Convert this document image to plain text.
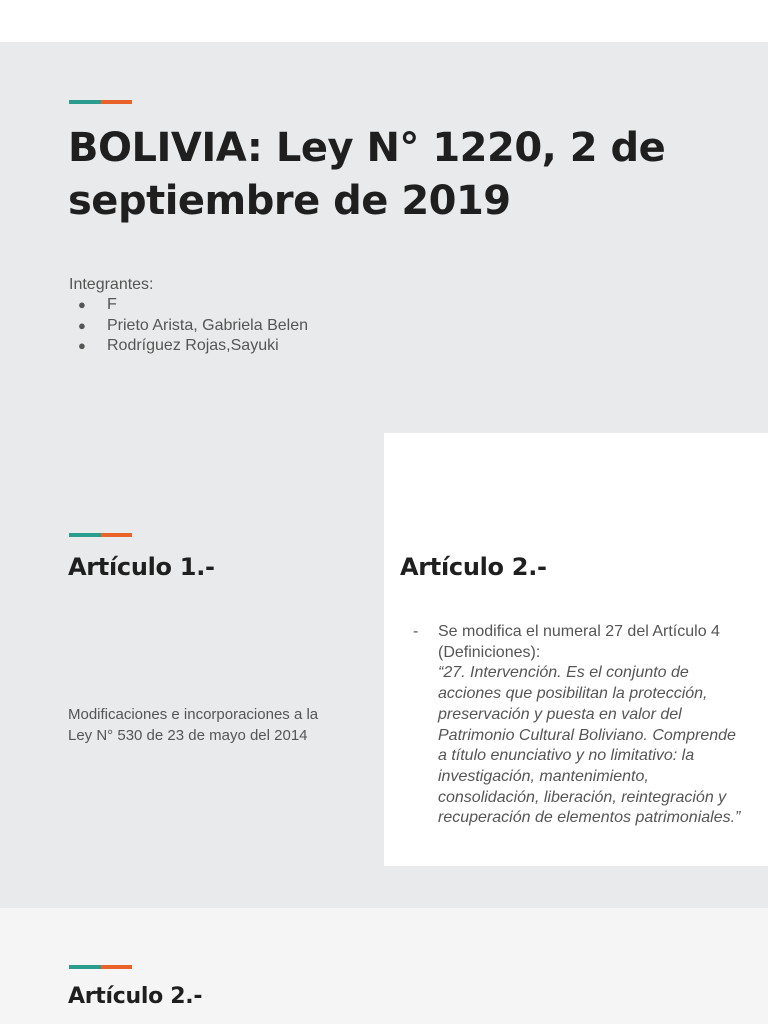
BOLIVIA: Ley N° 1220, 2 de septiembre de 2019
Integrantes:
● F
● Prieto Arista, Gabriela Belen
● Rodríguez Rojas,Sayuki
Artículo 1.-
Modificaciones e incorporaciones a la Ley N° 530 de 23 de mayo del 2014
Artículo 2.-
- Se modifica el numeral 27 del Artículo 4 (Definiciones):
“27. Intervención. Es el conjunto de acciones que posibilitan la protección, preservación y puesta en valor del Patrimonio Cultural Boliviano. Comprende a título enunciativo y no limitativo: la investigación, mantenimiento, consolidación, liberación, reintegración y recuperación de elementos patrimoniales.”
Artículo 2.-
